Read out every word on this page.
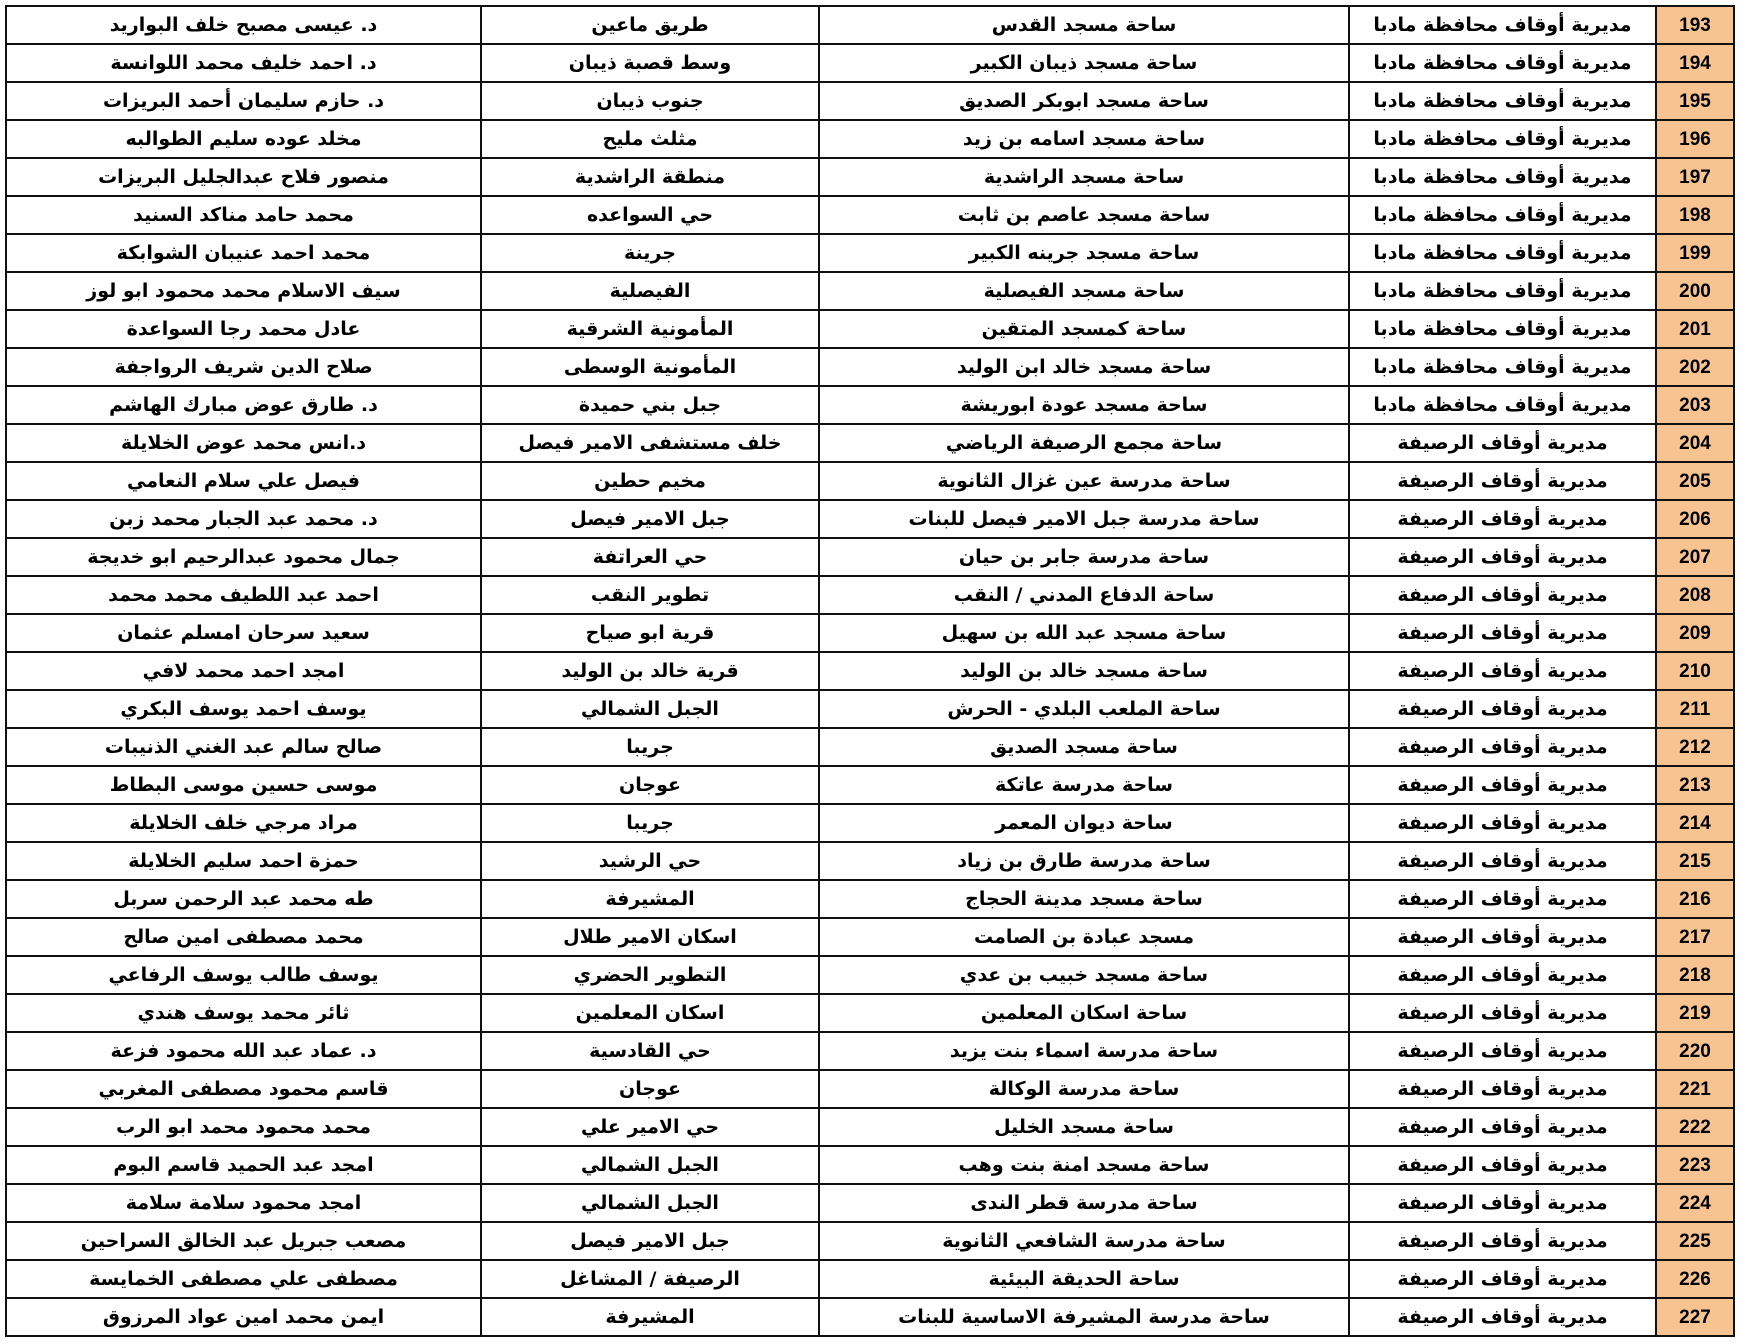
193	مديرية أوقاف محافظة مادبا	ساحة مسجد القدس	طريق ماعين	د. عيسى مصبح خلف البواريد
194	مديرية أوقاف محافظة مادبا	ساحة مسجد ذيبان الكبير	وسط قصبة ذيبان	د. احمد خليف محمد اللوانسة
195	مديرية أوقاف محافظة مادبا	ساحة مسجد ابوبكر الصديق	جنوب ذيبان	د. حازم سليمان أحمد البريزات
196	مديرية أوقاف محافظة مادبا	ساحة مسجد اسامه بن زيد	مثلث مليح	مخلد عوده سليم الطوالبه
197	مديرية أوقاف محافظة مادبا	ساحة مسجد الراشدية	منطقة الراشدية	منصور فلاح عبدالجليل البريزات
198	مديرية أوقاف محافظة مادبا	ساحة مسجد عاصم بن ثابت	حي السواعده	محمد حامد مناكد السنيد
199	مديرية أوقاف محافظة مادبا	ساحة مسجد جرينه الكبير	جرينة	محمد احمد عنيبان الشوابكة
200	مديرية أوقاف محافظة مادبا	ساحة مسجد الفيصلية	الفيصلية	سيف الاسلام محمد محمود ابو لوز
201	مديرية أوقاف محافظة مادبا	ساحة كمسجد المتقين	المأمونية الشرقية	عادل محمد رجا السواعدة
202	مديرية أوقاف محافظة مادبا	ساحة مسجد خالد ابن الوليد	المأمونية الوسطى	صلاح الدين شريف الرواجفة
203	مديرية أوقاف محافظة مادبا	ساحة مسجد عودة ابوريشة	جبل بني حميدة	د. طارق عوض مبارك الهاشم
204	مديرية أوقاف الرصيفة	ساحة مجمع الرصيفة الرياضي	خلف مستشفى الامير فيصل	د.انس محمد عوض الخلايلة
205	مديرية أوقاف الرصيفة	ساحة مدرسة عين غزال الثانوية	مخيم حطين	فيصل علي سلام النعامي
206	مديرية أوقاف الرصيفة	ساحة مدرسة جبل الامير فيصل للبنات	جبل الامير فيصل	د. محمد عبد الجبار محمد زبن
207	مديرية أوقاف الرصيفة	ساحة مدرسة جابر بن حيان	حي العراتفة	جمال محمود عبدالرحيم ابو خديجة
208	مديرية أوقاف الرصيفة	ساحة الدفاع المدني / النقب	تطوير النقب	احمد عبد اللطيف محمد محمد
209	مديرية أوقاف الرصيفة	ساحة مسجد عبد الله بن سهيل	قرية ابو صياح	سعيد سرحان امسلم عثمان
210	مديرية أوقاف الرصيفة	ساحة مسجد خالد بن الوليد	قرية خالد بن الوليد	امجد احمد محمد لافي
211	مديرية أوقاف الرصيفة	ساحة الملعب البلدي - الحرش	الجبل الشمالي	يوسف احمد يوسف البكري
212	مديرية أوقاف الرصيفة	ساحة مسجد الصديق	جريبا	صالح سالم عبد الغني الذنيبات
213	مديرية أوقاف الرصيفة	ساحة مدرسة عاتكة	عوجان	موسى حسين موسى البطاط
214	مديرية أوقاف الرصيفة	ساحة ديوان المعمر	جريبا	مراد مرجي خلف الخلايلة
215	مديرية أوقاف الرصيفة	ساحة مدرسة طارق بن زياد	حي الرشيد	حمزة احمد سليم الخلايلة
216	مديرية أوقاف الرصيفة	ساحة مسجد مدينة الحجاج	المشيرفة	طه محمد عبد الرحمن سربل
217	مديرية أوقاف الرصيفة	مسجد عبادة بن الصامت	اسكان الامير طلال	محمد مصطفى امين صالح
218	مديرية أوقاف الرصيفة	ساحة مسجد خبيب بن عدي	التطوير الحضري	يوسف طالب يوسف الرفاعي
219	مديرية أوقاف الرصيفة	ساحة اسكان المعلمين	اسكان المعلمين	ثائر محمد يوسف هندي
220	مديرية أوقاف الرصيفة	ساحة مدرسة اسماء بنت يزيد	حي القادسية	د. عماد عبد الله محمود فزعة
221	مديرية أوقاف الرصيفة	ساحة مدرسة الوكالة	عوجان	قاسم محمود مصطفى المغربي
222	مديرية أوقاف الرصيفة	ساحة مسجد الخليل	حي الامير علي	محمد محمود محمد ابو الرب
223	مديرية أوقاف الرصيفة	ساحة مسجد امنة بنت وهب	الجبل الشمالي	امجد عبد الحميد قاسم البوم
224	مديرية أوقاف الرصيفة	ساحة مدرسة قطر الندى	الجبل الشمالي	امجد محمود سلامة سلامة
225	مديرية أوقاف الرصيفة	ساحة مدرسة الشافعي الثانوية	جبل الامير فيصل	مصعب جبريل عبد الخالق السراحين
226	مديرية أوقاف الرصيفة	ساحة الحديقة البيئية	الرصيفة / المشاغل	مصطفى علي مصطفى الخمايسة
227	مديرية أوقاف الرصيفة	ساحة مدرسة المشيرفة الاساسية للبنات	المشيرفة	ايمن محمد امين عواد المرزوق
